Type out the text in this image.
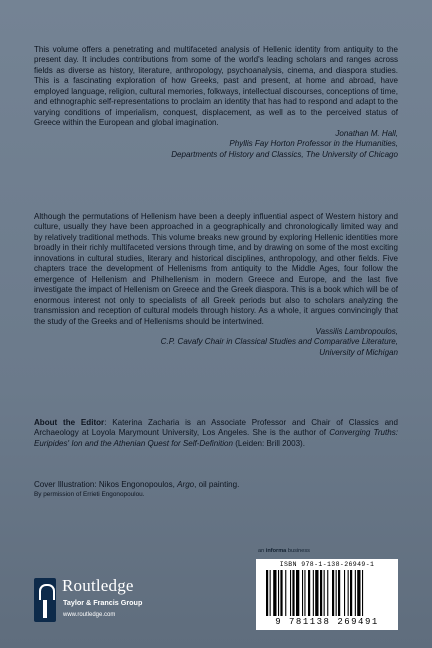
This volume offers a penetrating and multifaceted analysis of Hellenic identity from antiquity to the present day. It includes contributions from some of the world's leading scholars and ranges across fields as diverse as history, literature, anthropology, psychoanalysis, cinema, and diaspora studies. This is a fascinating exploration of how Greeks, past and present, at home and abroad, have employed language, religion, cultural memories, folkways, intellectual discourses, conceptions of time, and ethnographic self-representations to proclaim an identity that has had to respond and adapt to the varying conditions of imperialism, conquest, displacement, as well as to the perceived status of Greece within the European and global imagination.

Jonathan M. Hall,

Phyllis Fay Horton Professor in the Humanities,

Departments of History and Classics, The University of Chicago

Although the permutations of Hellenism have been a deeply influential aspect of Western history and culture, usually they have been approached in a geographically and chronologically limited way and by relatively traditional methods. This volume breaks new ground by exploring Hellenic identities more broadly in their richly multifaceted versions through time, and by drawing on some of the most exciting innovations in cultural studies, literary and historical disciplines, anthropology, and other fields. Five chapters trace the development of Hellenisms from antiquity to the Middle Ages, four follow the emergence of Hellenism and Philhellenism in modern Greece and Europe, and the last five investigate the impact of Hellenism on Greece and the Greek diaspora. This is a book which will be of enormous interest not only to specialists of all Greek periods but also to scholars analyzing the transmission and reception of cultural models through history. As a whole, it argues convincingly that the study of the Greeks and of Hellenisms should be intertwined.

Vassilis Lambropoulos,

C.P. Cavafy Chair in Classical Studies and Comparative Literature,

University of Michigan

About the Editor: Katerina Zacharia is an Associate Professor and Chair of Classics and Archaeology at Loyola Marymount University, Los Angeles. She is the author of Converging Truths: Euripides' Ion and the Athenian Quest for Self-Definition (Leiden: Brill 2003).

Cover Illustration: Nikos Engonopoulos, Argo, oil painting.

By permission of Errieti Engonopoulou.

an informa business
Routledge
Taylor & Francis Group
www.routledge.com
ISBN 978-1-138-26949-1
9 781138 269491
